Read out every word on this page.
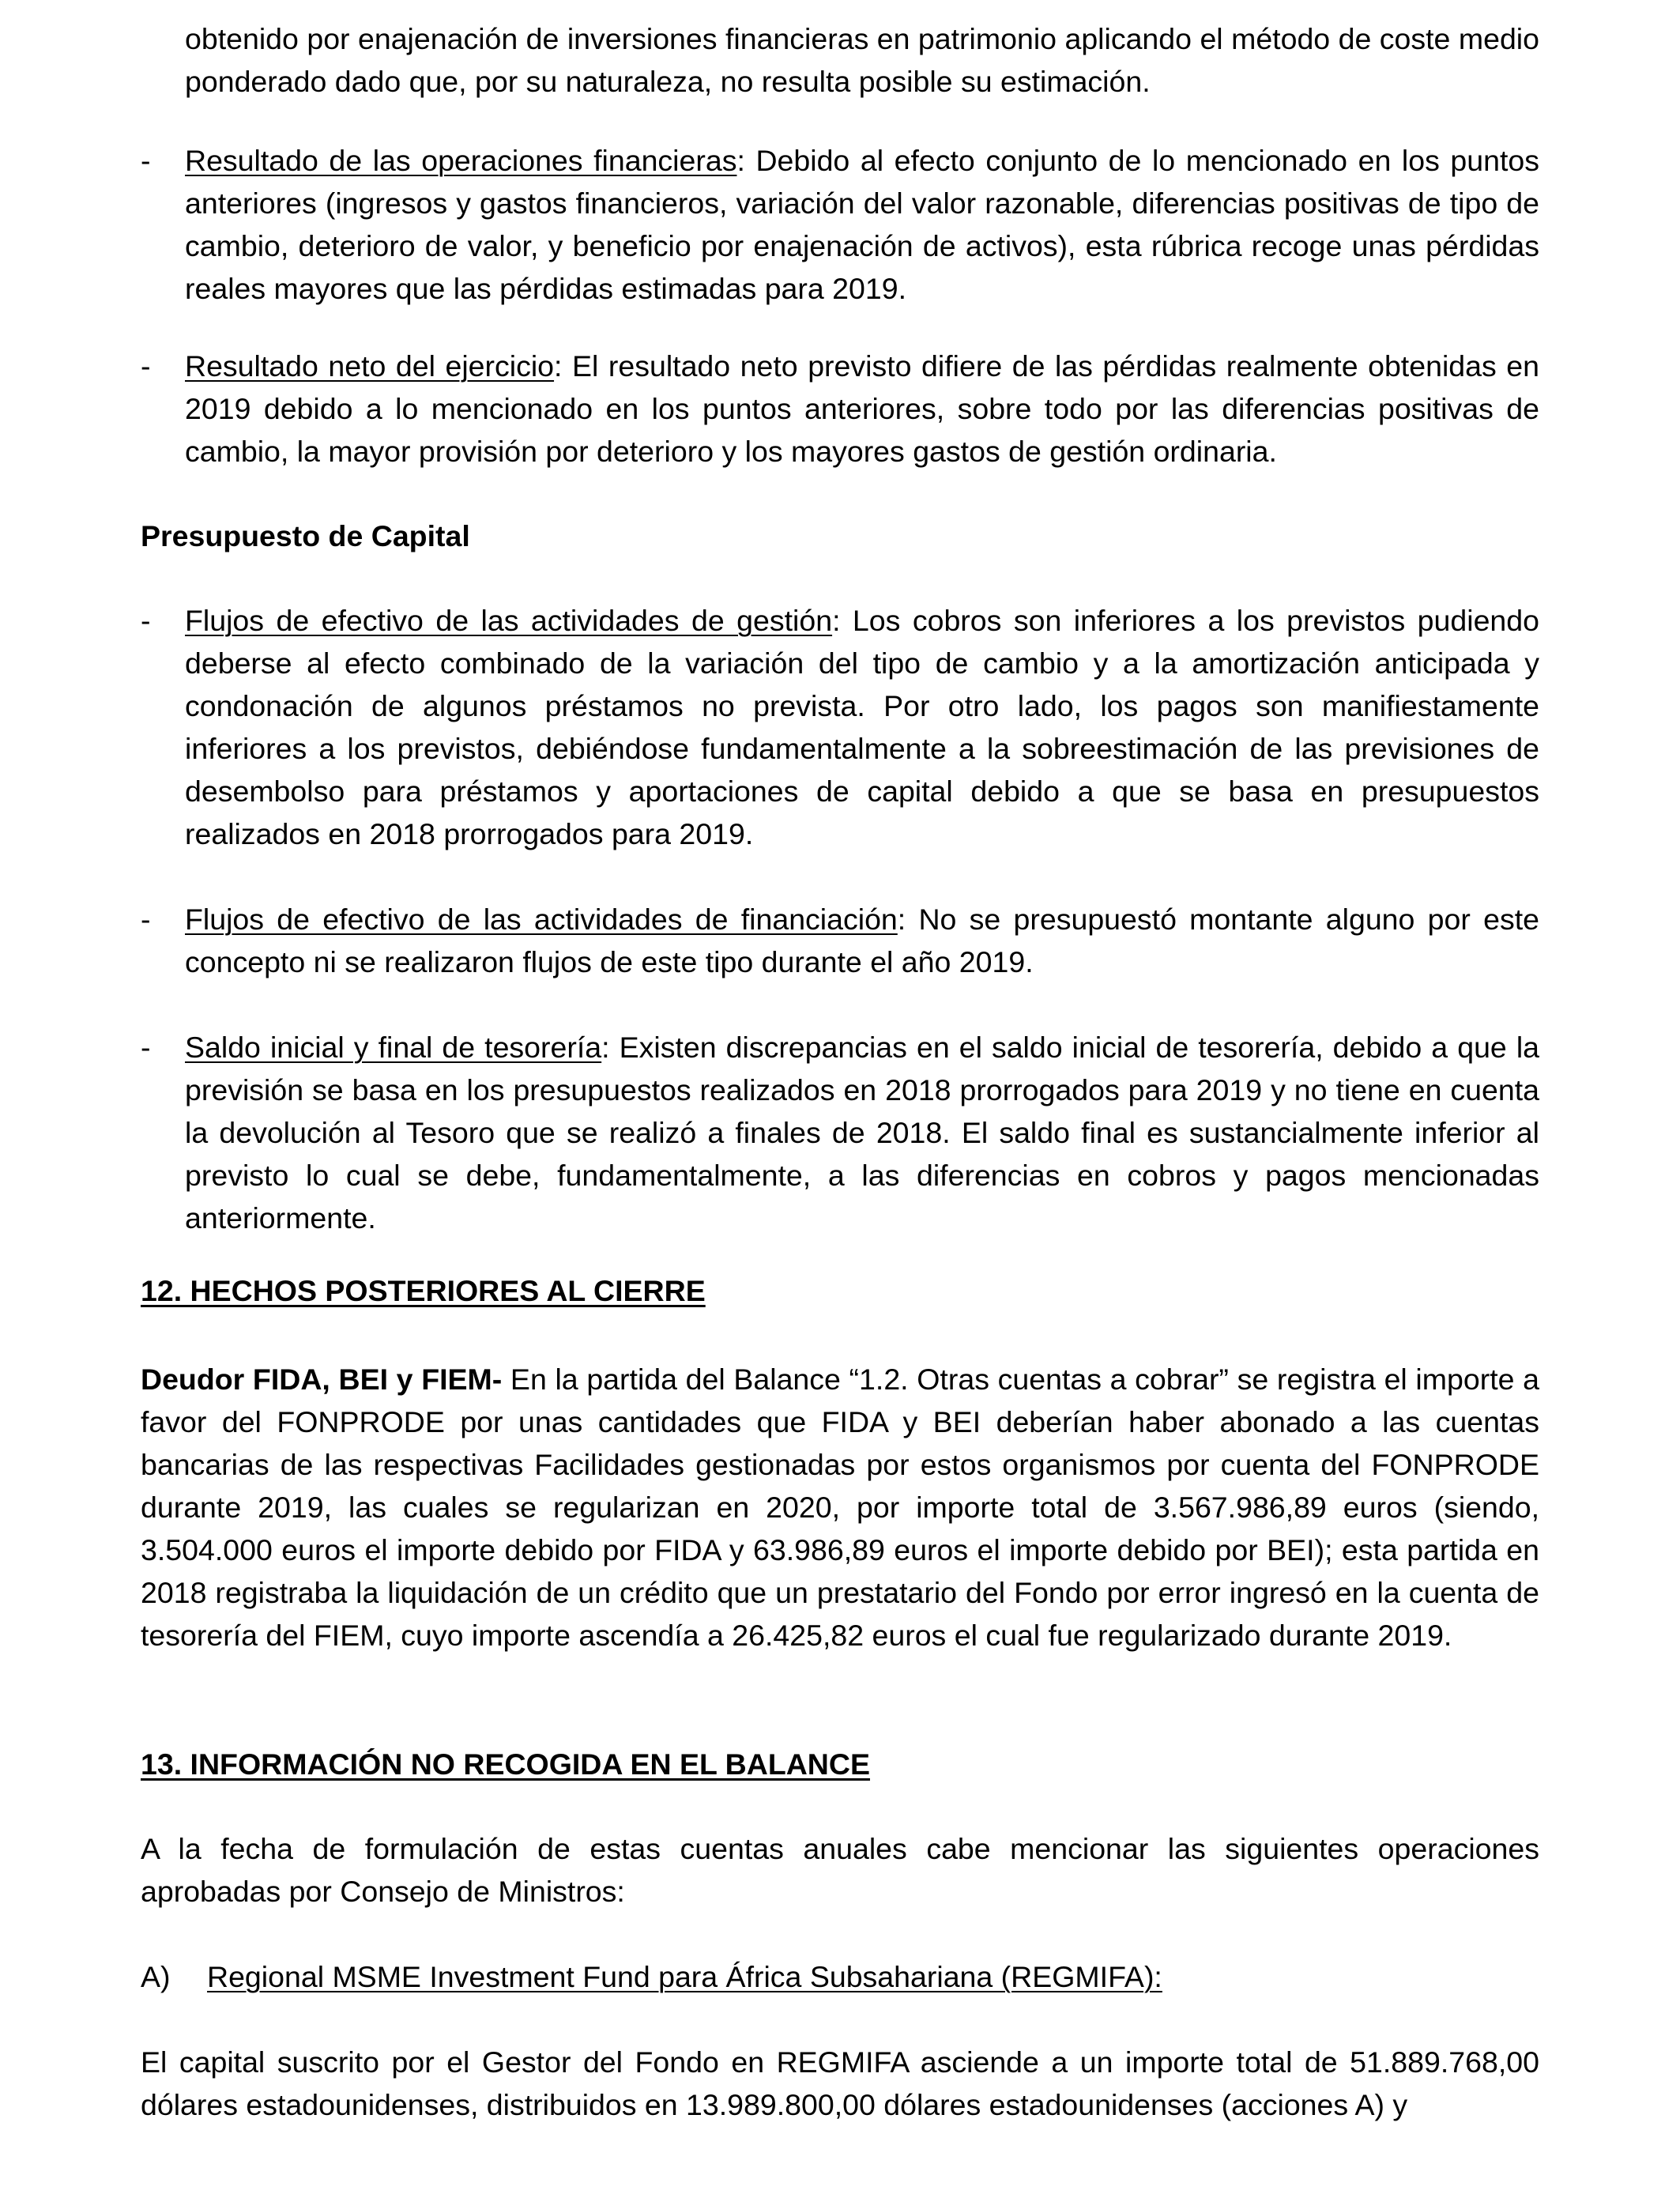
obtenido por enajenación de inversiones financieras en patrimonio aplicando el método de coste medio ponderado dado que, por su naturaleza, no resulta posible su estimación.

-	Resultado de las operaciones financieras: Debido al efecto conjunto de lo mencionado en los puntos anteriores (ingresos y gastos financieros, variación del valor razonable, diferencias positivas de tipo de cambio, deterioro de valor, y beneficio por enajenación de activos), esta rúbrica recoge unas pérdidas reales mayores que las pérdidas estimadas para 2019.
-	Resultado neto del ejercicio: El resultado neto previsto difiere de las pérdidas realmente obtenidas en 2019 debido a lo mencionado en los puntos anteriores, sobre todo por las diferencias positivas de cambio, la mayor provisión por deterioro y los mayores gastos de gestión ordinaria.
Presupuesto de Capital
-	Flujos de efectivo de las actividades de gestión: Los cobros son inferiores a los previstos pudiendo deberse al efecto combinado de la variación del tipo de cambio y a la amortización anticipada y condonación de algunos préstamos no prevista. Por otro lado, los pagos son manifiestamente inferiores a los previstos, debiéndose fundamentalmente a la sobreestimación de las previsiones de desembolso para préstamos y aportaciones de capital debido a que se basa en presupuestos realizados en 2018 prorrogados para 2019.
-	Flujos de efectivo de las actividades de financiación: No se presupuestó montante alguno por este concepto ni se realizaron flujos de este tipo durante el año 2019.
-	Saldo inicial y final de tesorería: Existen discrepancias en el saldo inicial de tesorería, debido a que la previsión se basa en los presupuestos realizados en 2018 prorrogados para 2019 y no tiene en cuenta la devolución al Tesoro que se realizó a finales de 2018. El saldo final es sustancialmente inferior al previsto lo cual se debe, fundamentalmente, a las diferencias en cobros y pagos mencionadas anteriormente.
12. HECHOS POSTERIORES AL CIERRE

Deudor FIDA, BEI y FIEM- En la partida del Balance “1.2. Otras cuentas a cobrar” se registra el importe a favor del FONPRODE por unas cantidades que FIDA y BEI deberían haber abonado a las cuentas bancarias de las respectivas Facilidades gestionadas por estos organismos por cuenta del FONPRODE durante 2019, las cuales se regularizan en 2020, por importe total de 3.567.986,89 euros (siendo, 3.504.000 euros el importe debido por FIDA y 63.986,89 euros el importe debido por BEI); esta partida en 2018 registraba la liquidación de un crédito que un prestatario del Fondo por error ingresó en la cuenta de tesorería del FIEM, cuyo importe ascendía a 26.425,82 euros el cual fue regularizado durante 2019.

13. INFORMACIÓN NO RECOGIDA EN EL BALANCE

A la fecha de formulación de estas cuentas anuales cabe mencionar las siguientes operaciones aprobadas por Consejo de Ministros:

A) Regional MSME Investment Fund para África Subsahariana (REGMIFA):

El capital suscrito por el Gestor del Fondo en REGMIFA asciende a un importe total de 51.889.768,00 dólares estadounidenses, distribuidos en 13.989.800,00 dólares estadounidenses (acciones A) y
